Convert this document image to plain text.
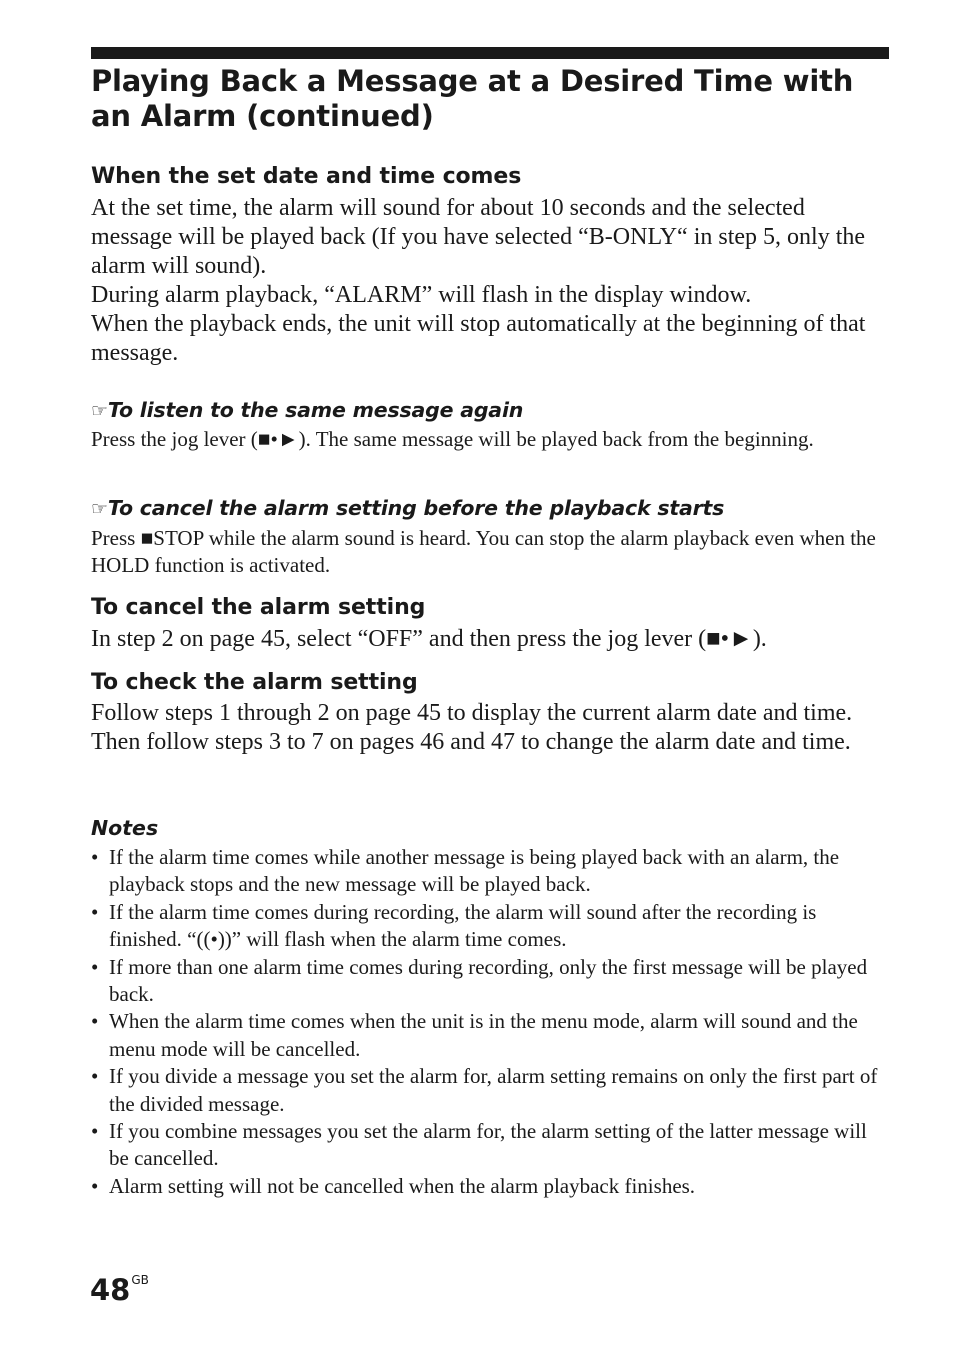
Playing Back a Message at a Desired Time with an Alarm (continued)
When the set date and time comes

At the set time, the alarm will sound for about 10 seconds and the selected message will be played back (If you have selected “B-ONLY“ in step 5, only the alarm will sound).

During alarm playback, “ALARM” will flash in the display window.

When the playback ends, the unit will stop automatically at the beginning of that message.

☞To listen to the same message again

Press the jog lever (■•►). The same message will be played back from the beginning.

☞To cancel the alarm setting before the playback starts

Press ■STOP while the alarm sound is heard. You can stop the alarm playback even when the HOLD function is activated.

To cancel the alarm setting

In step 2 on page 45, select “OFF” and then press the jog lever (■•►).

To check the alarm setting

Follow steps 1 through 2 on page 45 to display the current alarm date and time. Then follow steps 3 to 7 on pages 46 and 47 to change the alarm date and time.

Notes
• If the alarm time comes while another message is being played back with an alarm, the playback stops and the new message will be played back.
• If the alarm time comes during recording, the alarm will sound after the recording is finished. “((•))” will flash when the alarm time comes.
• If more than one alarm time comes during recording, only the first message will be played back.
• When the alarm time comes when the unit is in the menu mode, alarm will sound and the menu mode will be cancelled.
• If you divide a message you set the alarm for, alarm setting remains on only the first part of the divided message.
• If you combine messages you set the alarm for, the alarm setting of the latter message will be cancelled.
• Alarm setting will not be cancelled when the alarm playback finishes.
$48^{GB}$
